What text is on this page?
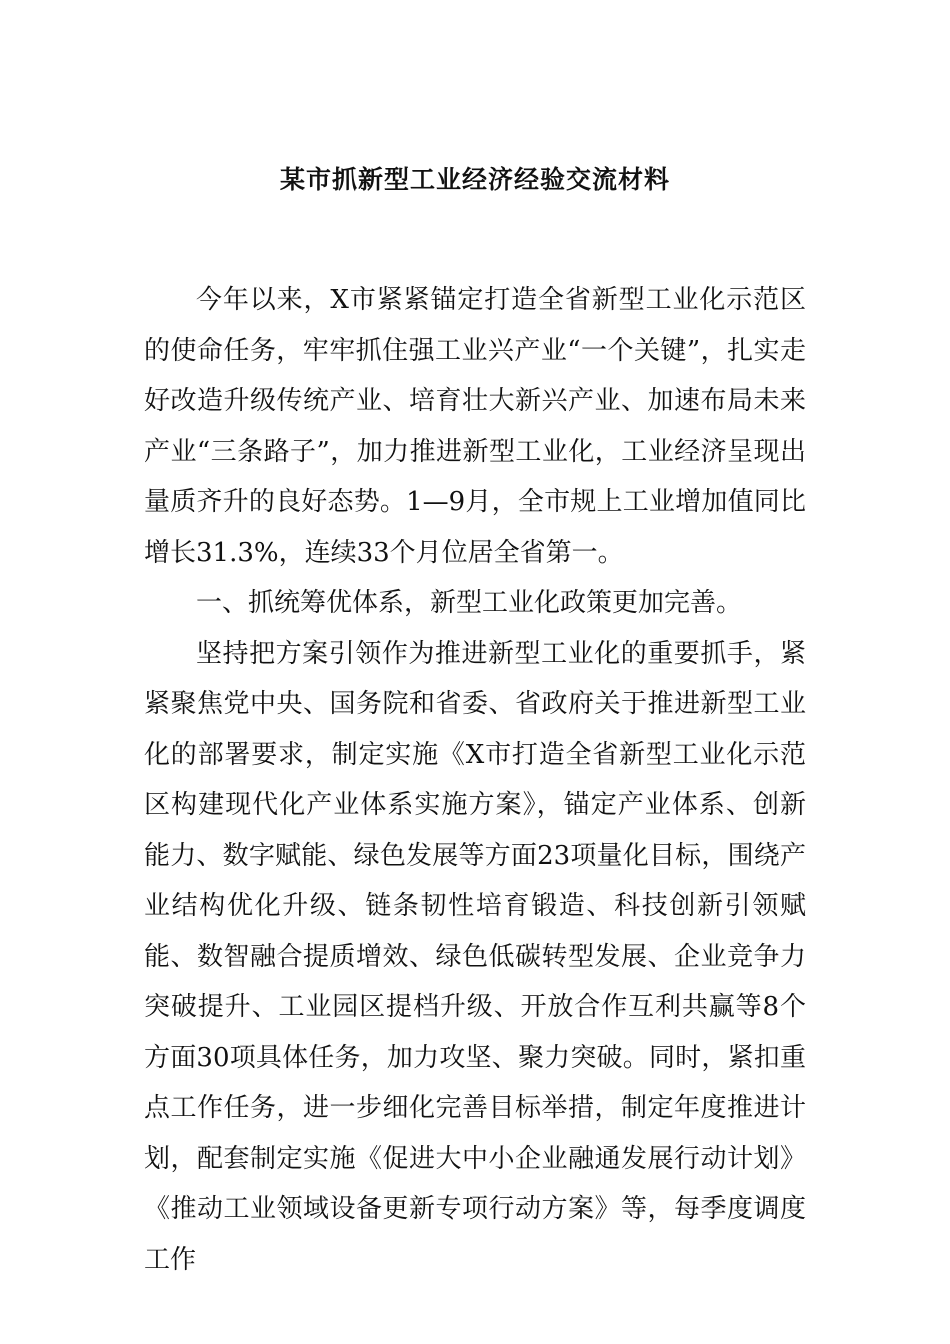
某市抓新型工业经济经验交流材料

今年以来，X市紧紧锚定打造全省新型工业化示范区的使命任务，牢牢抓住强工业兴产业“一个关键”，扎实走好改造升级传统产业、培育壮大新兴产业、加速布局未来产业“三条路子”，加力推进新型工业化，工业经济呈现出量质齐升的良好态势。1—9月，全市规上工业增加值同比增长31.3%，连续33个月位居全省第一。

一、抓统筹优体系，新型工业化政策更加完善。

坚持把方案引领作为推进新型工业化的重要抓手，紧紧聚焦党中央、国务院和省委、省政府关于推进新型工业化的部署要求，制定实施《X市打造全省新型工业化示范区构建现代化产业体系实施方案》，锚定产业体系、创新能力、数字赋能、绿色发展等方面23项量化目标，围绕产业结构优化升级、链条韧性培育锻造、科技创新引领赋能、数智融合提质增效、绿色低碳转型发展、企业竞争力突破提升、工业园区提档升级、开放合作互利共赢等8个方面30项具体任务，加力攻坚、聚力突破。同时，紧扣重点工作任务，进一步细化完善目标举措，制定年度推进计划，配套制定实施《促进大中小企业融通发展行动计划》《推动工业领域设备更新专项行动方案》等，每季度调度工作
